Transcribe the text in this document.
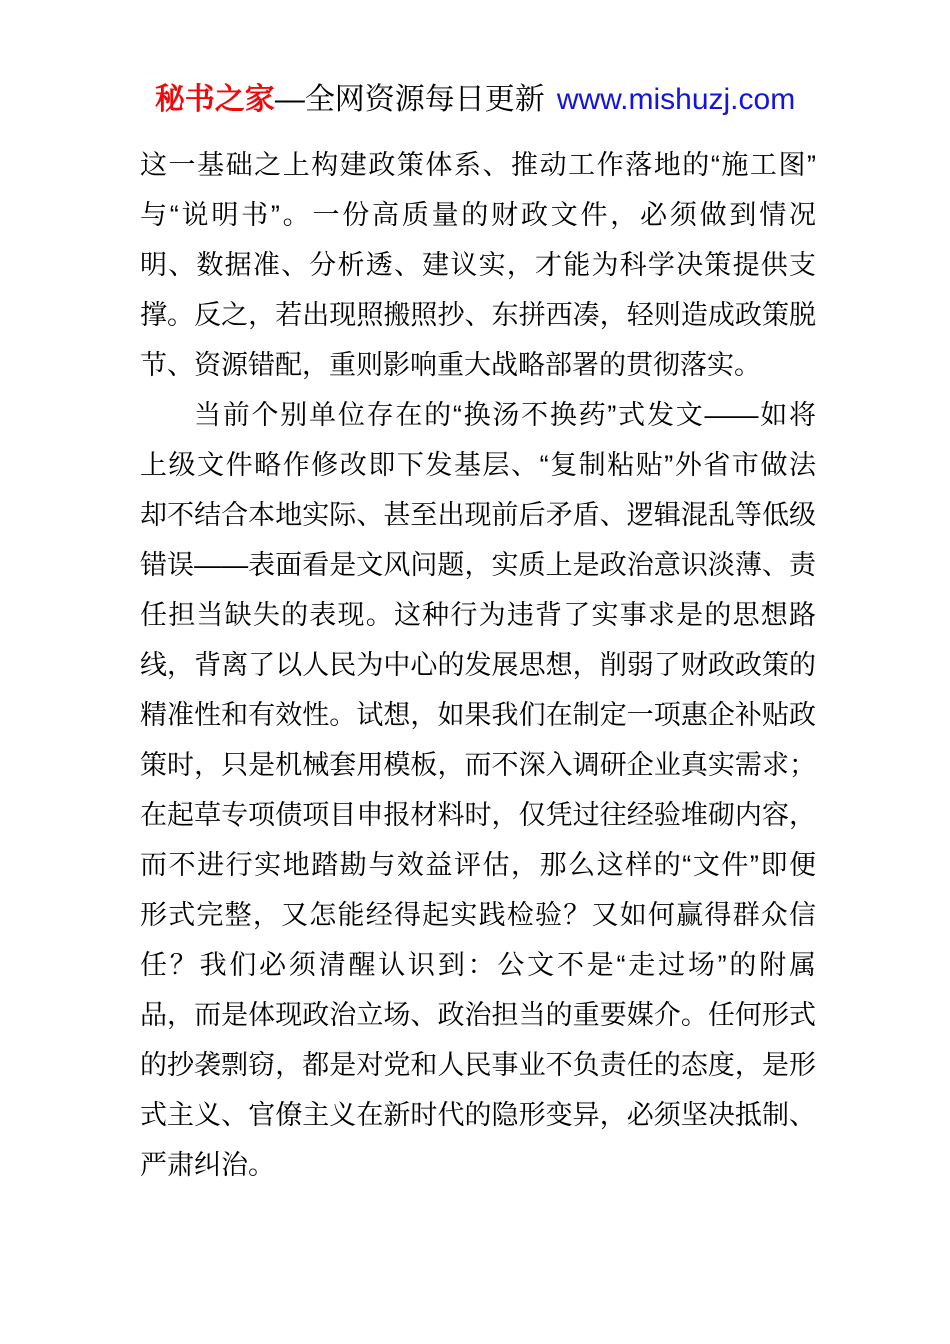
秘书之家—全网资源每日更新 www.mishuzj.com
这一基础之上构建政策体系、推动工作落地的“施工图”
与“说明书”。一份高质量的财政文件，必须做到情况
明、数据准、分析透、建议实，才能为科学决策提供支
撑。反之，若出现照搬照抄、东拼西凑，轻则造成政策脱
节、资源错配，重则影响重大战略部署的贯彻落实。
当前个别单位存在的“换汤不换药”式发文——如将
上级文件略作修改即下发基层、“复制粘贴”外省市做法
却不结合本地实际、甚至出现前后矛盾、逻辑混乱等低级
错误——表面看是文风问题，实质上是政治意识淡薄、责
任担当缺失的表现。这种行为违背了实事求是的思想路
线，背离了以人民为中心的发展思想，削弱了财政政策的
精准性和有效性。试想，如果我们在制定一项惠企补贴政
策时，只是机械套用模板，而不深入调研企业真实需求；
在起草专项债项目申报材料时，仅凭过往经验堆砌内容，
而不进行实地踏勘与效益评估，那么这样的“文件”即便
形式完整，又怎能经得起实践检验？又如何赢得群众信
任？我们必须清醒认识到：公文不是“走过场”的附属
品，而是体现政治立场、政治担当的重要媒介。任何形式
的抄袭剽窃，都是对党和人民事业不负责任的态度，是形
式主义、官僚主义在新时代的隐形变异，必须坚决抵制、
严肃纠治。
